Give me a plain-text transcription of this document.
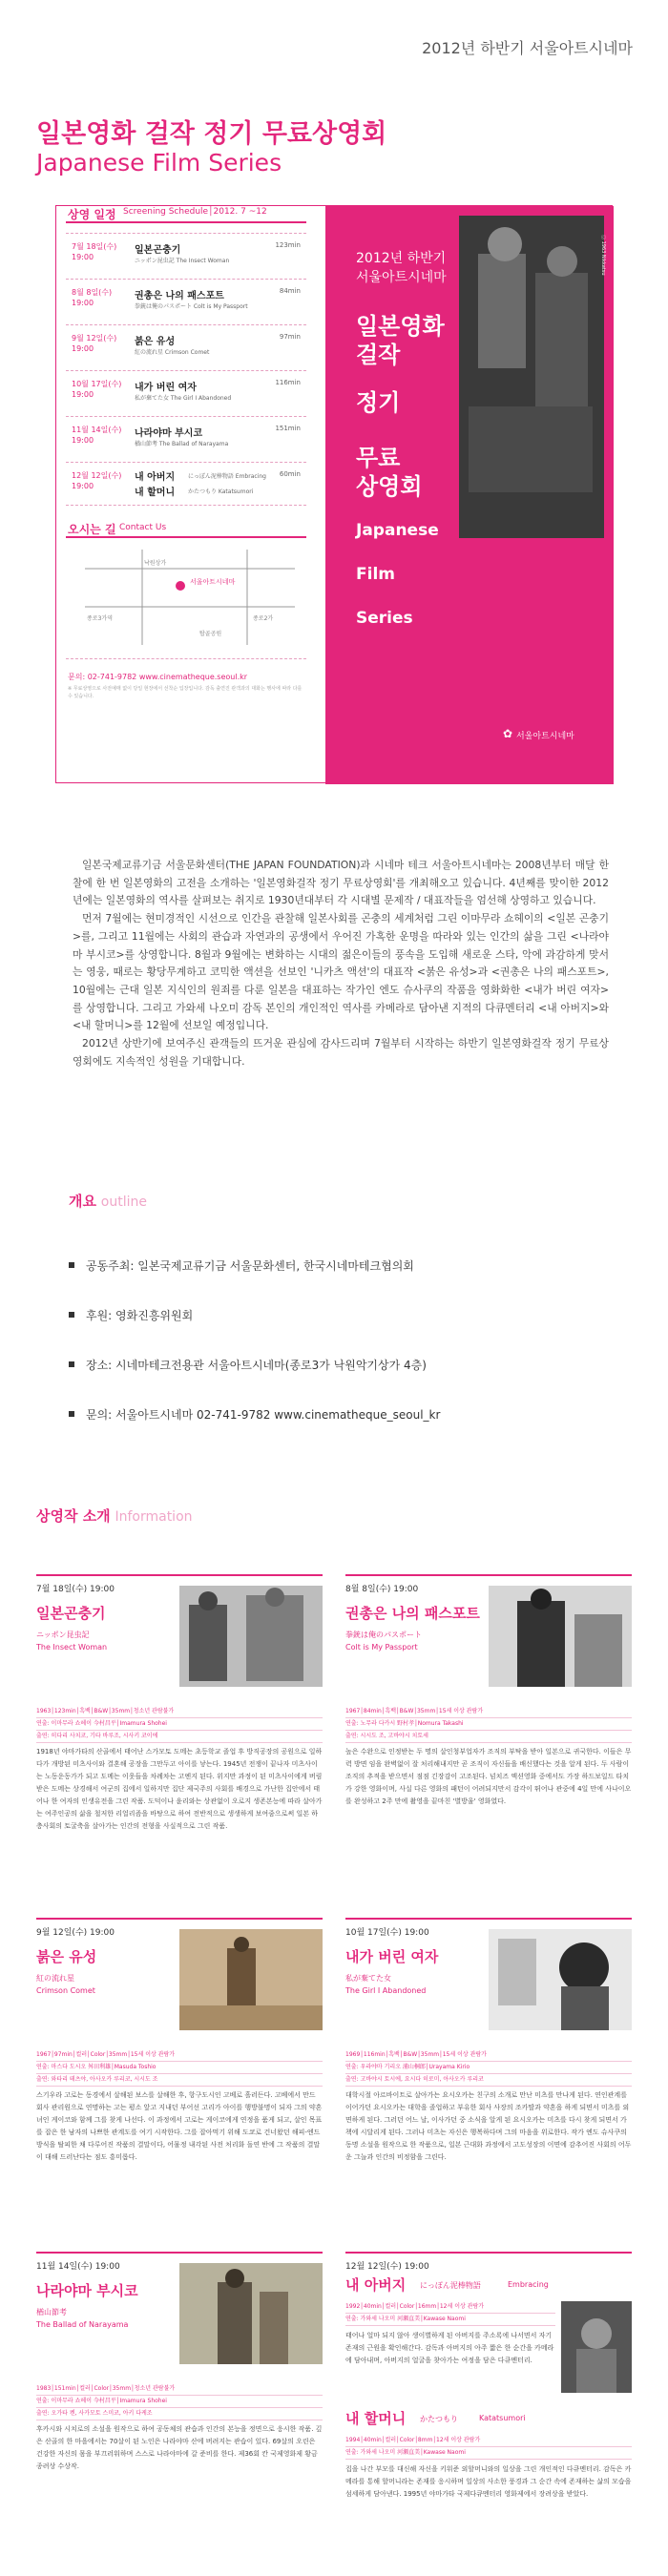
2012년 하반기 서울아트시네마
일본영화 걸작 정기 무료상영회
Japanese Film Series
상영 일정 Screening Schedule│2012. 7 ~12
7월 18일(수)
19:00
일본곤충기
ニッポン昆虫記 The Insect Woman
123min
8월 8일(수)
19:00
권총은 나의 패스포트
拳銃は俺のパスポート Colt is My Passport
84min
9월 12일(수)
19:00
붉은 유성
紅の流れ星 Crimson Comet
97min
10월 17일(수)
19:00
내가 버린 여자
私が棄てた女 The Girl I Abandoned
116min
11월 14일(수)
19:00
나라야마 부시코
楢山節考 The Ballad of Narayama
151min
12월 12일(수)
19:00
내 아버지
내 할머니
にっぽん泥棒物語 Embracing
かたつもり Katatsumori
60min
오시는 길 Contact Us
서울아트시네마
낙원상가
종로3가역
탑골공원
종로2가
문의: 02-741-9782 www.cinematheque.seoul.kr
※ 무료상영으로 사전예매 없이 당일 현장에서 선착순 입장입니다. 감독 출연진 관객과의 대화는 행사에 따라 다를 수 있습니다.
2012년 하반기
서울아트시네마
일본영화
걸작
정기
무료
상영회
Japanese
Film
Series
서울아트시네마
✿
ⓒ 1963 Nikkatsu

일본국제교류기금 서울문화센터(THE JAPAN FOUNDATION)과 시네마 테크 서울아트시네마는 2008년부터 매달 한 찰에 한 번 일본영화의 고전을 소개하는 '일본영화걸작 정기 무료상영회'를 개최해오고 있습니다. 4년째를 맞이한 2012년에는 일본영화의 역사를 살펴보는 취지로 1930년대부터 각 시대별 문제작 / 대표작들을 엄선해 상영하고 있습니다.

먼저 7월에는 현미경적인 시선으로 인간을 관찰해 일본사회를 곤충의 세계처럼 그린 이마무라 쇼헤이의 <일본 곤충기>를, 그리고 11월에는 사회의 관습과 자연과의 공생에서 우어진 가혹한 운명을 따라와 있는 인간의 삶을 그린 <나라야마 부시코>를 상영합니다. 8월과 9월에는 변화하는 시대의 젊은이들의 풍속을 도입해 새로운 스타, 악에 과감하게 맞서는 영웅, 때로는 황당무계하고 코믹한 액션을 선보인 '니카츠 액션'의 대표작 <붉은 유성>과 <권총은 나의 패스포트>, 10월에는 근대 일본 지식인의 원죄를 다룬 일본을 대표하는 작가인 엔도 슈사쿠의 작품을 영화화한 <내가 버린 여자>를 상영합니다. 그리고 가와세 나오미 감독 본인의 개인적인 역사를 카메라로 담아낸 지적의 다큐멘터리 <내 아버지>와 <내 할머니>를 12월에 선보일 예정입니다.

2012년 상반기에 보여주신 관객들의 뜨거운 관심에 감사드리며 7월부터 시작하는 하반기 일본영화걸작 정기 무료상영회에도 지속적인 성원을 기대합니다.

개요 outline
공동주최: 일본국제교류기금 서울문화센터, 한국시네마테크협의회
후원: 영화진흥위원회
장소: 시네마테크전용관 서울아트시네마(종로3가 낙원악기상가 4층)
문의: 서울아트시네마 02-741-9782 www.cinematheque_seoul_kr
상영작 소개 Information
7월 18일(수) 19:00
일본곤충기
ニッポン昆虫記
The Insect Woman
1963│123min│흑백│B&W│35mm│청소년 관람불가
연출: 이마무라 쇼헤이 今村昌平│Imamura Shohei
출연: 히다리 사치코, 기타 바루조, 시사키 코이에
1918년 야마가타의 산골에서 태어난 스가모토 도메는 초등학교 졸업 후 방직공장의 공원으로 일하다가 개방된 미츠사이와 결혼해 공장을 그만두고 아이를 낳는다. 1945년 전쟁이 끝나자 미츠사이는 노동운동가가 되고 도메는 이웃들을 차례차는 고엔지 된다. 위지만 과정이 된 미츠사이에게 버림받은 도메는 상경해서 여군의 집에서 일하지만 집단 제국주의 사회를 배경으로 가난한 집안에서 태어나 한 여자의 인생유전을 그린 작품. 도덕이나 윤리와는 상관없이 오로지 생존본능에 따라 살아가는 여주인공의 삶을 철저한 리얼리즘을 바탕으로 하여 전반적으로 생생하게 보여줌으로써 일본 하층사회의 토굴축을 살아가는 인간의 전형을 사실적으로 그린 작품.
8월 8일(수) 19:00
권총은 나의 패스포트
拳銃は俺のパスポート
Colt is My Passport
1967│84min│흑백│B&W│35mm│15세 이상 관람가
연출: 노무라 다카시 野村孝│Nomura Takashi
출연: 시시도 조, 고바야시 치토세
높은 수완으로 인정받는 두 명의 살인청부업자가 조직의 부탁을 받아 일본으로 귀국한다. 이들은 무력 방면 임을 완벽없이 잘 처리해내지만 곧 조직이 자신들을 배신했다는 것을 알게 된다. 두 사람이 조직의 추적을 받으면서 점점 긴장감이 고조된다. 넘치즈 액션영화 중에서도 가장 하드보일드 타치가 강한 영화이며, 사실 다른 영화의 패턴이 어려되지만서 감각이 뛰어나 관중에 4일 만에 사나이오를 완성하고 2주 만에 촬영을 끝마친 '별방울' 영화였다.
9월 12일(수) 19:00
붉은 유성
紅の流れ星
Crimson Comet
1967│97min│컬러│Color│35mm│15세 이상 관람가
연출: 마스다 도시오 舛田利雄│Masuda Toshio
출연: 와타리 테츠야, 아사오카 루리코, 시시도 조
스기우라 고로는 동경에서 살해된 보스를 살해한 후, 항구도시인 고베로 흘러든다. 고베에서 만드 회사 관리원으로 연명하는 고는 평소 앞고 지내던 부어선 고리가 아이를 행방불명이 되자 그의 약혼녀인 게이코와 함께 그를 찾게 나선다. 이 과정에서 고로는 게이코에게 연정을 품게 되고, 살인 목표를 잡은 한 남자의 나쁘한 관계도를 여기 시작한다. 그를 잡아먹기 위해 도쿄로 건너왔던 해피-엔드 방식을 탈피한 채 다루어진 작품의 결말이다, 어물정 내각된 사전 처리화 돌연 반에 그 작품의 결말이 대해 드러난다는 점도 흥미롭다.
10월 17일(수) 19:00
내가 버린 여자
私が棄てた女
The Girl I Abandoned
1969│116min│흑백│B&W│35mm│15세 이상 관람가
연출: 우라야마 기리오 浦山桐郎│Urayama Kirio
출연: 고바야시 토시에, 요시다 히로미, 아사오카 루리코
대학시절 아르바이트로 살아가는 요시오카는 친구의 소개로 만난 미츠를 만나게 된다. 연인관계를 이어가던 요시오카는 대학을 졸업하고 부유한 회사 사장의 조카딸과 약혼을 하게 되면서 미츠를 외면하게 된다. 그러던 어느 날, 이사가던 중 소식을 알게 된 요시오카는 미츠를 다시 찾게 되면서 가책에 시달리게 된다. 그러나 미츠는 자신은 행복하다며 그의 마음을 위로한다. 작가 엔도 슈사쿠의 동명 소설을 원작으로 한 작품으로, 일본 근대화 과정에서 고도성장의 이면에 감추어진 사회의 어두운 그늘과 인간의 비정함을 그린다.
11월 14일(수) 19:00
나라야마 부시코
楢山節考
The Ballad of Narayama
1983│151min│컬러│Color│35mm│청소년 관람불가
연출: 이마무라 쇼헤이 今村昌平│Imamura Shohei
출연: 오가타 켄, 사카모토 스미코, 아키 다케조
후카시와 시치로의 소설을 원작으로 하여 공동체의 관습과 인간의 본능을 정면으로 응시한 작품. 깊은 산골의 한 마을에서는 70살이 된 노인은 나라야마 산에 버려지는 관습이 있다. 69살의 오린은 건강한 자신의 몸을 부끄러워하며 스스로 나라야마에 갈 준비를 한다. 제36회 칸 국제영화제 황금종려상 수상작.
12월 12일(수) 19:00
내 아버지 にっぽん泥棒物語	Embracing
1992│40min│컬러│Color│16mm│12세 이상 관람가
연출: 가와세 나오미 河瀬直美│Kawase Naomi
태어나 얼마 되지 않아 생이별하게 된 아버지를 주소록에 나서면서 자기존재의 근원을 확인해간다. 감독과 아버지의 아주 짧은 한 순간을 카메라에 담아내며, 아버지의 얼굴을 찾아가는 여정을 담은 다큐멘터리.
내 할머니 かたつもり	Katatsumori
1994│40min│컬러│Color│8mm│12세 이상 관람가
연출: 가와세 나오미 河瀬直美│Kawase Naomi
집을 나간 부모를 대신해 자신을 키워준 외할머니와의 일상을 그린 개인적인 다큐멘터리. 감독은 카메라를 통해 할머니라는 존재를 응시하며 일상의 사소한 풍경과 그 순간 속에 존재하는 삶의 모습을 섬세하게 담아낸다. 1995년 야마가타 국제다큐멘터리 영화제에서 장려상을 받았다.
